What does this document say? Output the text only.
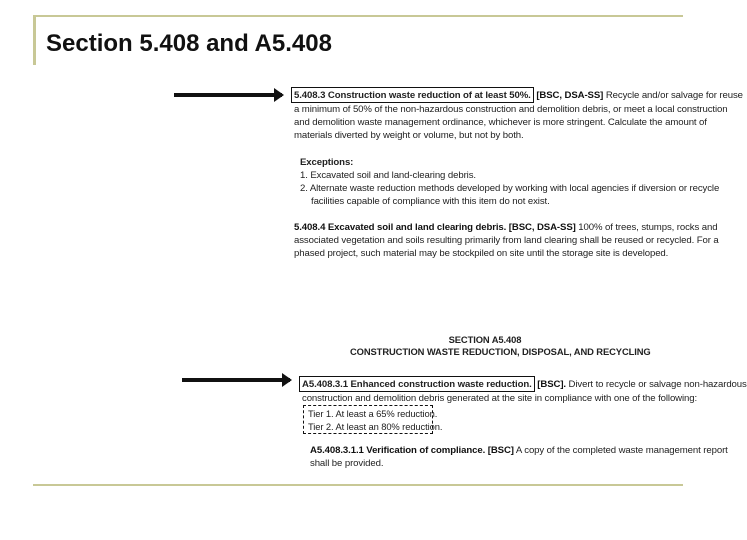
Section 5.408 and A5.408
5.408.3 Construction waste reduction of at least 50%. [BSC, DSA-SS] Recycle and/or salvage for reuse
a minimum of 50% of the non-hazardous construction and demolition debris, or meet a local construction
and demolition waste management ordinance, whichever is more stringent. Calculate the amount of
materials diverted by weight or volume, but not by both.
Exceptions:
1. Excavated soil and land-clearing debris.
2. Alternate waste reduction methods developed by working with local agencies if diversion or recycle
facilities capable of compliance with this item do not exist.
5.408.4 Excavated soil and land clearing debris. [BSC, DSA-SS] 100% of trees, stumps, rocks and
associated vegetation and soils resulting primarily from land clearing shall be reused or recycled. For a
phased project, such material may be stockpiled on site until the storage site is developed.
SECTION A5.408
CONSTRUCTION WASTE REDUCTION, DISPOSAL, AND RECYCLING
A5.408.3.1 Enhanced construction waste reduction. [BSC]. Divert to recycle or salvage non-hazardous
construction and demolition debris generated at the site in compliance with one of the following:
Tier 1. At least a 65% reduction.
Tier 2. At least an 80% reduction.
A5.408.3.1.1 Verification of compliance. [BSC] A copy of the completed waste management report
shall be provided.
